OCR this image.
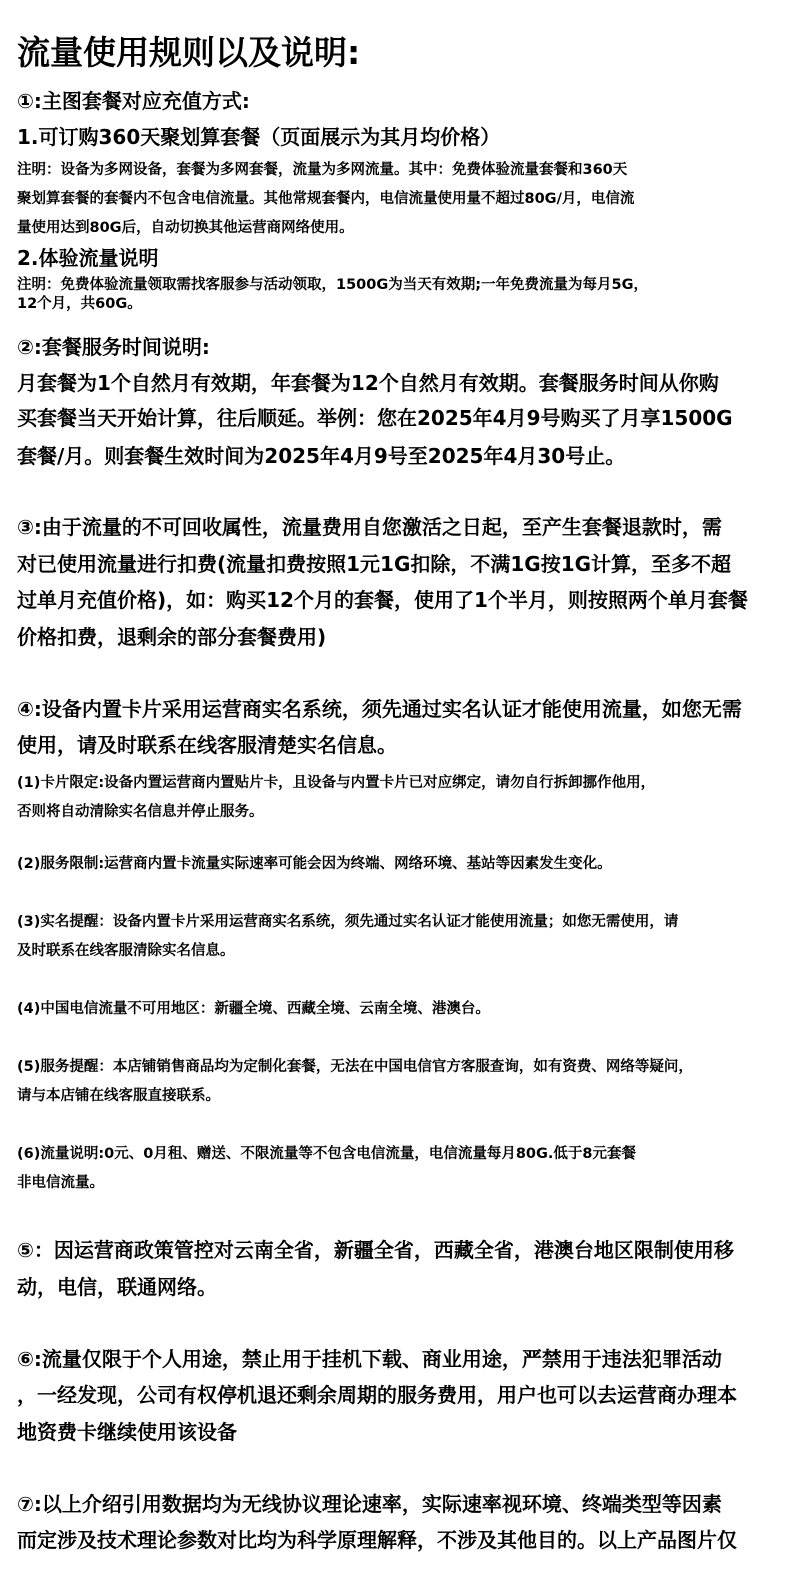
流量使用规则以及说明:
①:主图套餐对应充值方式:
1.可订购360天聚划算套餐（页面展示为其月均价格）
注明：设备为多网设备，套餐为多网套餐，流量为多网流量。其中：免费体验流量套餐和360天
聚划算套餐的套餐内不包含电信流量。其他常规套餐内，电信流量使用量不超过80G/月，电信流
量使用达到80G后，自动切换其他运营商网络使用。
2.体验流量说明
注明：免费体验流量领取需找客服参与活动领取，1500G为当天有效期;一年免费流量为每月5G，
12个月，共60G。
②:套餐服务时间说明:
月套餐为1个自然月有效期，年套餐为12个自然月有效期。套餐服务时间从你购
买套餐当天开始计算，往后顺延。举例：您在2025年4月9号购买了月享1500G
套餐/月。则套餐生效时间为2025年4月9号至2025年4月30号止。
③:由于流量的不可回收属性，流量费用自您激活之日起，至产生套餐退款时，需
对已使用流量进行扣费(流量扣费按照1元1G扣除，不满1G按1G计算，至多不超
过单月充值价格)，如：购买12个月的套餐，使用了1个半月，则按照两个单月套餐
价格扣费，退剩余的部分套餐费用)
④:设备内置卡片采用运营商实名系统，须先通过实名认证才能使用流量，如您无需
使用，请及时联系在线客服清楚实名信息。
(1)卡片限定:设备内置运营商内置贴片卡，且设备与内置卡片已对应绑定，请勿自行拆卸挪作他用，
否则将自动清除实名信息并停止服务。
(2)服务限制:运营商内置卡流量实际速率可能会因为终端、网络环境、基站等因素发生变化。
(3)实名提醒：设备内置卡片采用运营商实名系统，须先通过实名认证才能使用流量；如您无需使用，请
及时联系在线客服清除实名信息。
(4)中国电信流量不可用地区：新疆全境、西藏全境、云南全境、港澳台。
(5)服务提醒：本店铺销售商品均为定制化套餐，无法在中国电信官方客服查询，如有资费、网络等疑问，
请与本店铺在线客服直接联系。
(6)流量说明:0元、0月租、赠送、不限流量等不包含电信流量，电信流量每月80G.低于8元套餐
非电信流量。
⑤：因运营商政策管控对云南全省，新疆全省，西藏全省，港澳台地区限制使用移
动，电信，联通网络。
⑥:流量仅限于个人用途，禁止用于挂机下载、商业用途，严禁用于违法犯罪活动
，一经发现，公司有权停机退还剩余周期的服务费用，用户也可以去运营商办理本
地资费卡继续使用该设备
⑦:以上介绍引用数据均为无线协议理论速率，实际速率视环境、终端类型等因素
而定涉及技术理论参数对比均为科学原理解释，不涉及其他目的。以上产品图片仅
